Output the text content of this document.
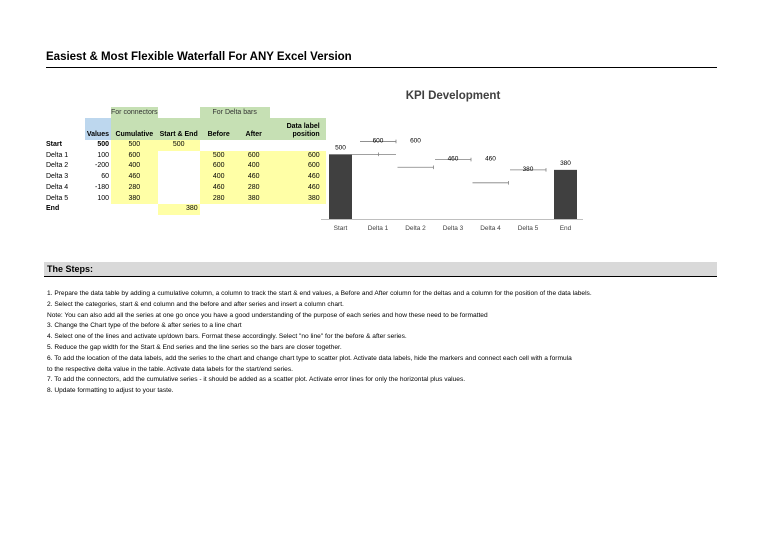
Easiest & Most Flexible Waterfall For ANY Excel Version
		For connectors		For Delta bars		
	Values	Cumulative	Start & End	Before	After	Data label position
Start	500	500	500			
Delta 1	100	600		500	600	600
Delta 2	-200	400		600	400	600
Delta 3	60	460		400	460	460
Delta 4	-180	280		460	280	460
Delta 5	100	380		280	380	380
End			380			
KPI Development
Start	Delta 1	Delta 2	Delta 3	Delta 4	Delta 5	End
500
600	600
460	460
380
380
The Steps:
1. Prepare the data table by adding a cumulative column, a column to track the start & end values, a Before and After column for the deltas and a column for the position of the data labels.
2. Select the categories, start & end column and the before and after series and insert a column chart.
Note: You can also add all the series at one go once you have a good understanding of the purpose of each series and how these need to be formatted
3. Change the Chart type of the before & after series to a line chart
4. Select one of the lines and activate up/down bars. Format these accordingly. Select "no line" for the before & after series.
5. Reduce the gap width for the Start & End series and the line series so the bars are closer together.
6. To add the location of the data labels, add the series to the chart and change chart type to scatter plot. Activate data labels, hide the markers and connect each cell with a formula
to the respective delta value in the table. Activate data labels for the start/end series.
7. To add the connectors, add the cumulative series - it should be added as a scatter plot. Activate error lines for only the horizontal plus values.
8. Update formatting to adjust to your taste.
